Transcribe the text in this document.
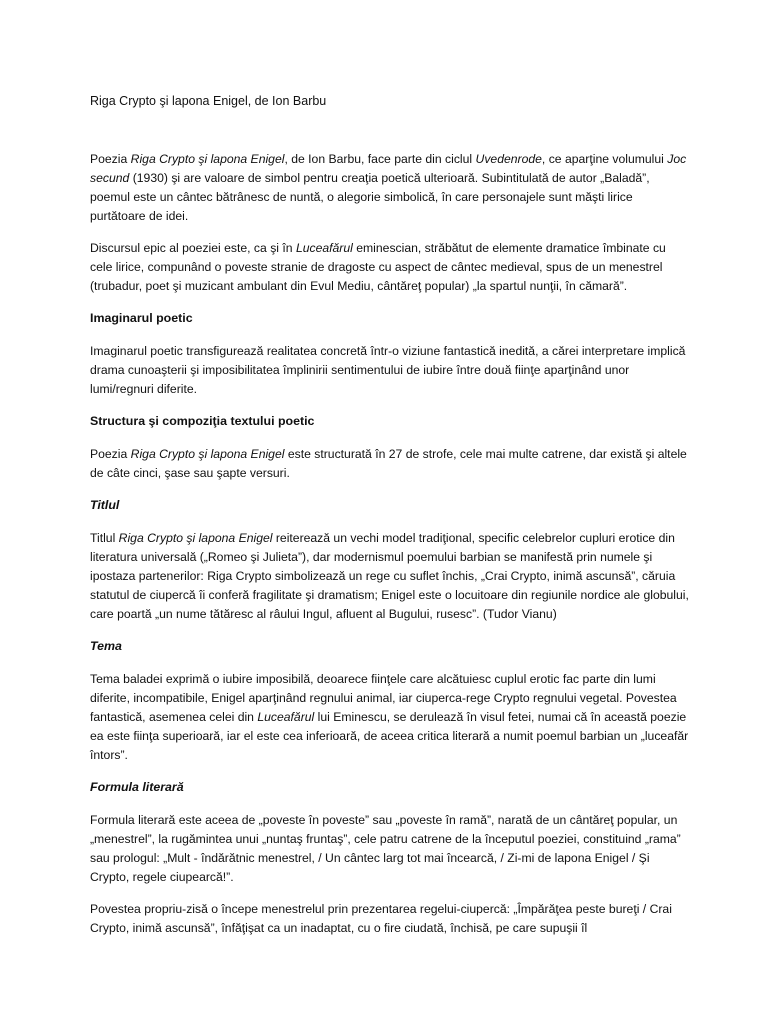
Riga Crypto şi lapona Enigel, de Ion Barbu

Poezia Riga Crypto şi lapona Enigel, de Ion Barbu, face parte din ciclul Uvedenrode, ce aparţine volumului Joc secund (1930) şi are valoare de simbol pentru creaţia poetică ulterioară. Subintitulată de autor „Baladă”, poemul este un cântec bătrânesc de nuntă, o alegorie simbolică, în care personajele sunt măşti lirice purtătoare de idei.

Discursul epic al poeziei este, ca şi în Luceafărul eminescian, străbătut de elemente dramatice îmbinate cu cele lirice, compunând o poveste stranie de dragoste cu aspect de cântec medieval, spus de un menestrel (trubadur, poet şi muzicant ambulant din Evul Mediu, cântăreţ popular) „la spartul nunţii, în cămară”.

Imaginarul poetic

Imaginarul poetic transfigurează realitatea concretă într-o viziune fantastică inedită, a cărei interpretare implică drama cunoaşterii şi imposibilitatea împlinirii sentimentului de iubire între două fiinţe aparţinând unor lumi/regnuri diferite.

Structura şi compoziţia textului poetic

Poezia Riga Crypto şi lapona Enigel este structurată în 27 de strofe, cele mai multe catrene, dar există şi altele de câte cinci, şase sau şapte versuri.

Titlul

Titlul Riga Crypto şi lapona Enigel reiterează un vechi model tradiţional, specific celebrelor cupluri erotice din literatura universală („Romeo şi Julieta”), dar modernismul poemului barbian se manifestă prin numele şi ipostaza partenerilor: Riga Crypto simbolizează un rege cu suflet închis, „Crai Crypto, inimă ascunsă”, căruia statutul de ciupercă îi conferă fragilitate şi dramatism; Enigel este o locuitoare din regiunile nordice ale globului, care poartă „un nume tătăresc al râului Ingul, afluent al Bugului, rusesc”. (Tudor Vianu)

Tema

Tema baladei exprimă o iubire imposibilă, deoarece fiinţele care alcătuiesc cuplul erotic fac parte din lumi diferite, incompatibile, Enigel aparţinând regnului animal, iar ciuperca-rege Crypto regnului vegetal. Povestea fantastică, asemenea celei din Luceafărul lui Eminescu, se derulează în visul fetei, numai că în această poezie ea este fiinţa superioară, iar el este cea inferioară, de aceea critica literară a numit poemul barbian un „luceafăr întors”.

Formula literară

Formula literară este aceea de „poveste în poveste” sau „poveste în ramă”, narată de un cântăreţ popular, un „menestrel”, la rugămintea unui „nuntaş fruntaş”, cele patru catrene de la începutul poeziei, constituind „rama” sau prologul: „Mult - îndărătnic menestrel, / Un cântec larg tot mai încearcă, / Zi-mi de lapona Enigel / Şi Crypto, regele ciupearcă!”.

Povestea propriu-zisă o începe menestrelul prin prezentarea regelui-ciupercă: „Împărăţea peste bureţi / Crai Crypto, inimă ascunsă”, înfăţişat ca un inadaptat, cu o fire ciudată, închisă, pe care supuşii îl
